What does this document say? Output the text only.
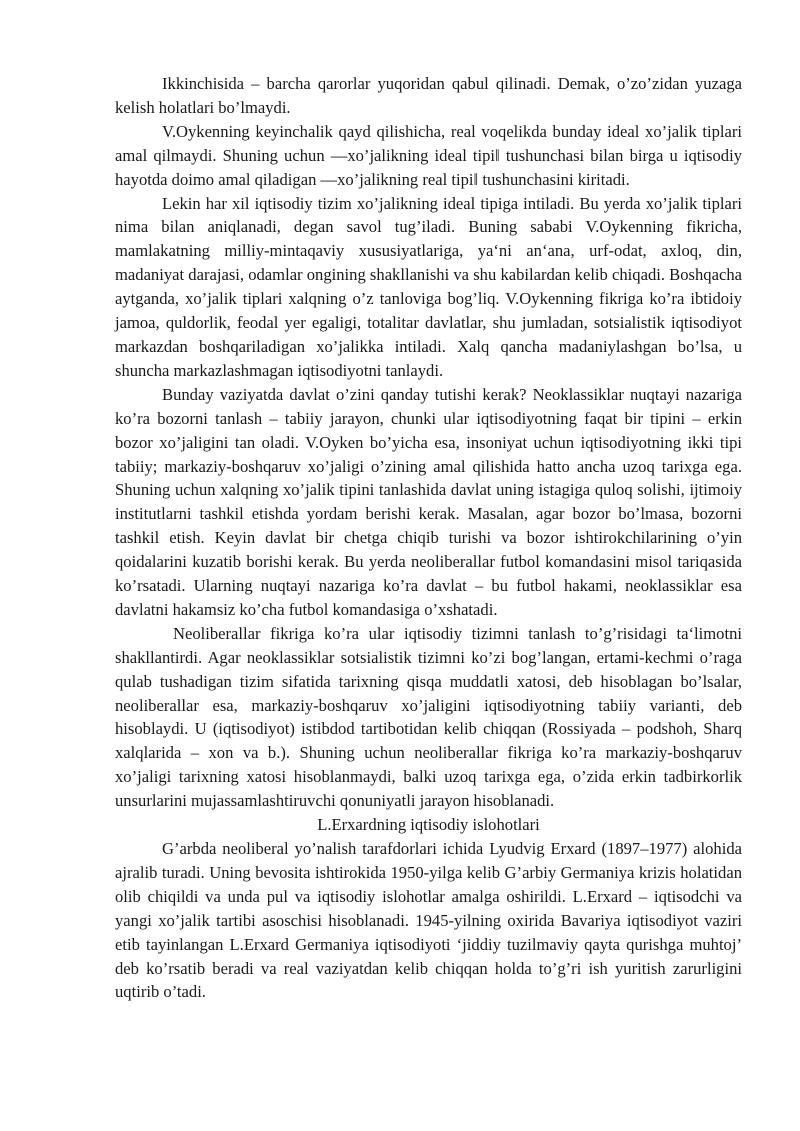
Ikkinchisida – barcha qarorlar yuqoridan qabul qilinadi. Demak, o’zo’zidan yuzaga kelish holatlari bo’lmaydi.

V.Oykenning keyinchalik qayd qilishicha, real voqelikda bunday ideal xo’jalik tiplari amal qilmaydi. Shuning uchun ―xo’jalikning ideal tipi‖ tushunchasi bilan birga u iqtisodiy hayotda doimo amal qiladigan ―xo’jalikning real tipi‖ tushunchasini kiritadi.

Lekin har xil iqtisodiy tizim xo’jalikning ideal tipiga intiladi. Bu yerda xo’jalik tiplari nima bilan aniqlanadi, degan savol tug’iladi. Buning sababi V.Oykenning fikricha, mamlakatning milliy-mintaqaviy xususiyatlariga, ya‘ni an‘ana, urf-odat, axloq, din, madaniyat darajasi, odamlar ongining shakllanishi va shu kabilardan kelib chiqadi. Boshqacha aytganda, xo’jalik tiplari xalqning o’z tanloviga bog’liq. V.Oykenning fikriga ko’ra ibtidoiy jamoa, quldorlik, feodal yer egaligi, totalitar davlatlar, shu jumladan, sotsialistik iqtisodiyot markazdan boshqariladigan xo’jalikka intiladi. Xalq qancha madaniylashgan bo’lsa, u shuncha markazlashmagan iqtisodiyotni tanlaydi.

Bunday vaziyatda davlat o’zini qanday tutishi kerak? Neoklassiklar nuqtayi nazariga ko’ra bozorni tanlash – tabiiy jarayon, chunki ular iqtisodiyotning faqat bir tipini – erkin bozor xo’jaligini tan oladi. V.Oyken bo’yicha esa, insoniyat uchun iqtisodiyotning ikki tipi tabiiy; markaziy-boshqaruv xo’jaligi o’zining amal qilishida hatto ancha uzoq tarixga ega. Shuning uchun xalqning xo’jalik tipini tanlashida davlat uning istagiga quloq solishi, ijtimoiy institutlarni tashkil etishda yordam berishi kerak. Masalan, agar bozor bo’lmasa, bozorni tashkil etish. Keyin davlat bir chetga chiqib turishi va bozor ishtirokchilarining o’yin qoidalarini kuzatib borishi kerak. Bu yerda neoliberallar futbol komandasini misol tariqasida ko’rsatadi. Ularning nuqtayi nazariga ko’ra davlat – bu futbol hakami, neoklassiklar esa davlatni hakamsiz ko’cha futbol komandasiga o’xshatadi.

Neoliberallar fikriga ko’ra ular iqtisodiy tizimni tanlash to’g’risidagi ta‘limotni shakllantirdi. Agar neoklassiklar sotsialistik tizimni ko’zi bog’langan, ertami-kechmi o’raga qulab tushadigan tizim sifatida tarixning qisqa muddatli xatosi, deb hisoblagan bo’lsalar, neoliberallar esa, markaziy-boshqaruv xo’jaligini iqtisodiyotning tabiiy varianti, deb hisoblaydi. U (iqtisodiyot) istibdod tartibotidan kelib chiqqan (Rossiyada – podshoh, Sharq xalqlarida – xon va b.). Shuning uchun neoliberallar fikriga ko’ra markaziy-boshqaruv xo’jaligi tarixning xatosi hisoblanmaydi, balki uzoq tarixga ega, o’zida erkin tadbirkorlik unsurlarini mujassamlashtiruvchi qonuniyatli jarayon hisoblanadi.

L.Erxardning iqtisodiy islohotlari

G’arbda neoliberal yo’nalish tarafdorlari ichida Lyudvig Erxard (1897–1977) alohida ajralib turadi. Uning bevosita ishtirokida 1950-yilga kelib G’arbiy Germaniya krizis holatidan olib chiqildi va unda pul va iqtisodiy islohotlar amalga oshirildi. L.Erxard – iqtisodchi va yangi xo’jalik tartibi asoschisi hisoblanadi. 1945-yilning oxirida Bavariya iqtisodiyot vaziri etib tayinlangan L.Erxard Germaniya iqtisodiyoti ‘jiddiy tuzilmaviy qayta qurishga muhtoj’ deb ko’rsatib beradi va real vaziyatdan kelib chiqqan holda to’g’ri ish yuritish zarurligini uqtirib o’tadi.
